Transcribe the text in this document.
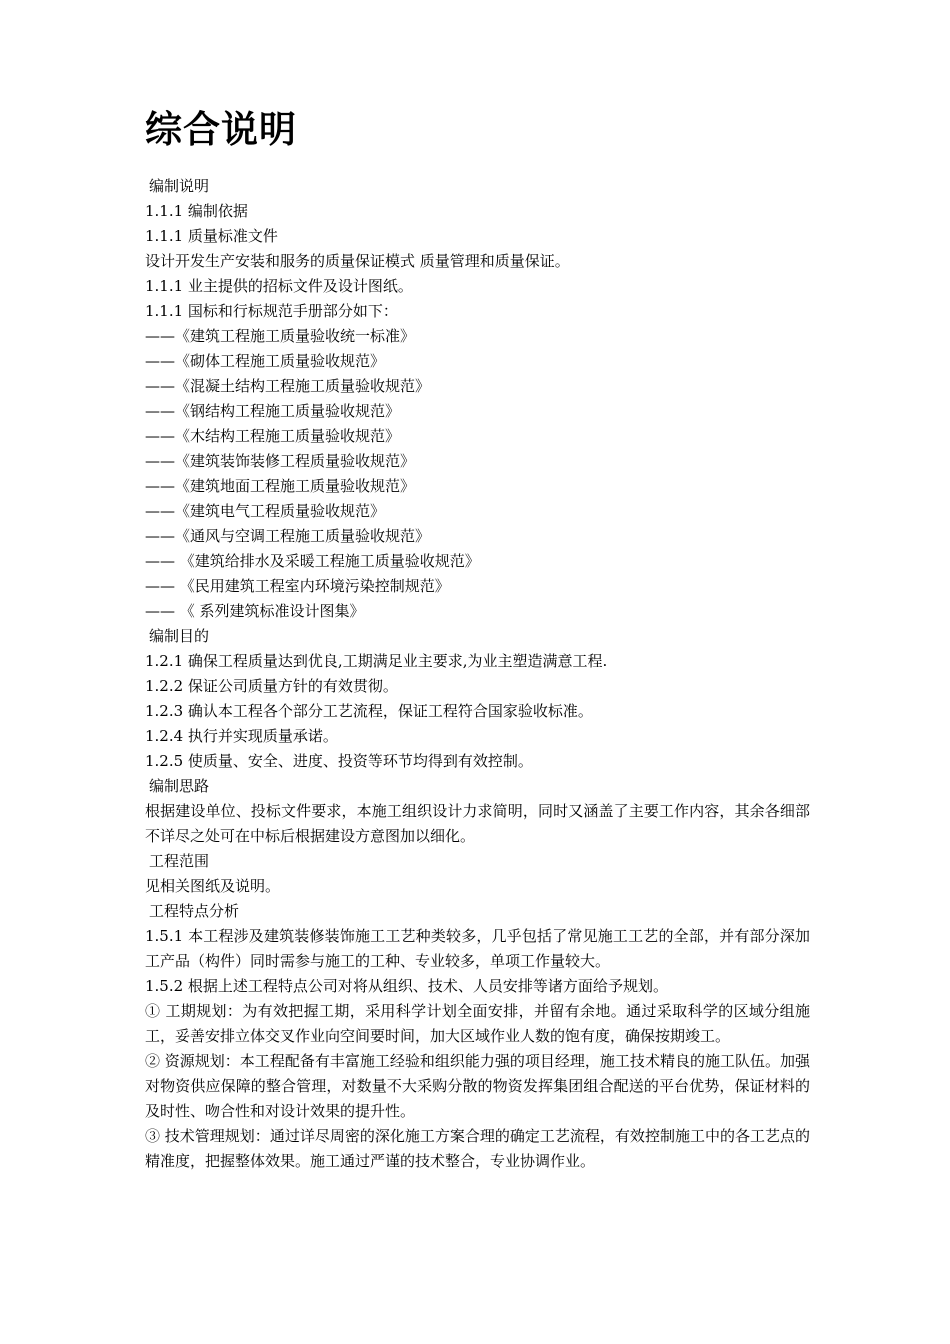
综合说明
编制说明
1.1.1 编制依据
1.1.1 质量标准文件
设计开发生产安装和服务的质量保证模式 质量管理和质量保证。
1.1.1 业主提供的招标文件及设计图纸。
1.1.1 国标和行标规范手册部分如下：
——《建筑工程施工质量验收统一标准》
——《砌体工程施工质量验收规范》
——《混凝土结构工程施工质量验收规范》
——《钢结构工程施工质量验收规范》
——《木结构工程施工质量验收规范》
——《建筑装饰装修工程质量验收规范》
——《建筑地面工程施工质量验收规范》
——《建筑电气工程质量验收规范》
——《通风与空调工程施工质量验收规范》
—— 《建筑给排水及采暖工程施工质量验收规范》
—— 《民用建筑工程室内环境污染控制规范》
—— 《 系列建筑标准设计图集》
编制目的
1.2.1 确保工程质量达到优良,工期满足业主要求,为业主塑造满意工程.
1.2.2 保证公司质量方针的有效贯彻。
1.2.3 确认本工程各个部分工艺流程，保证工程符合国家验收标准。
1.2.4 执行并实现质量承诺。
1.2.5 使质量、安全、进度、投资等环节均得到有效控制。
编制思路

根据建设单位、投标文件要求，本施工组织设计力求简明，同时又涵盖了主要工作内容，其余各细部不详尽之处可在中标后根据建设方意图加以细化。

工程范围
见相关图纸及说明。
工程特点分析

1.5.1 本工程涉及建筑装修装饰施工工艺种类较多，几乎包括了常见施工工艺的全部，并有部分深加工产品（构件）同时需参与施工的工种、专业较多，单项工作量较大。

1.5.2 根据上述工程特点公司对将从组织、技术、人员安排等诸方面给予规划。

① 工期规划：为有效把握工期，采用科学计划全面安排，并留有余地。通过采取科学的区域分组施工，妥善安排立体交叉作业向空间要时间，加大区域作业人数的饱有度，确保按期竣工。

② 资源规划：本工程配备有丰富施工经验和组织能力强的项目经理，施工技术精良的施工队伍。加强对物资供应保障的整合管理，对数量不大采购分散的物资发挥集团组合配送的平台优势，保证材料的及时性、吻合性和对设计效果的提升性。

③ 技术管理规划：通过详尽周密的深化施工方案合理的确定工艺流程，有效控制施工中的各工艺点的精准度，把握整体效果。施工通过严谨的技术整合，专业协调作业。
